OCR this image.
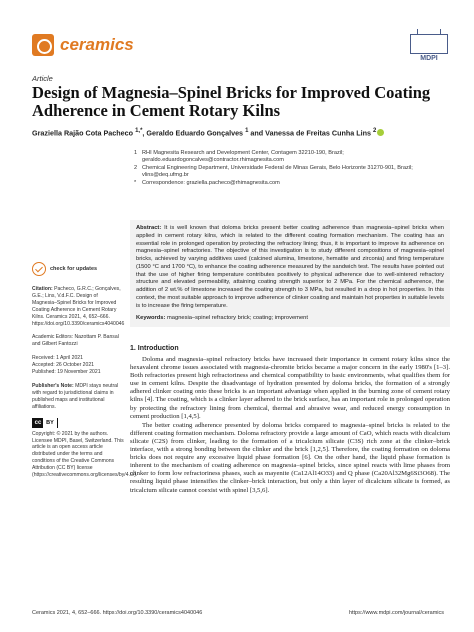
ceramics
MDPI
Article
Design of Magnesia–Spinel Bricks for Improved Coating Adherence in Cement Rotary Kilns
Graziella Rajão Cota Pacheco $^{1,*}$, Geraldo Eduardo Gonçalves $^1$ and Vanessa de Freitas Cunha Lins $^2$
1 RHI Magnesita Research and Development Center, Contagem 32210-190, Brazil; geraldo.eduardogoncalves@contractor.rhimagnesita.com
2 Chemical Engineering Department, Universidade Federal de Minas Gerais, Belo Horizonte 31270-901, Brazil; vlins@deq.ufmg.br
*	Correspondence: graziella.pacheco@rhimagnesita.com

Abstract: It is well known that doloma bricks present better coating adherence than magnesia–spinel bricks when applied in cement rotary kilns, which is related to the different coating formation mechanism. The coating has an essential role in prolonged operation by protecting the refractory lining; thus, it is important to improve its adherence on magnesia–spinel refractories. The objective of this investigation is to study different compositions of magnesia–spinel bricks, achieved by varying additives used (calcined alumina, limestone, hematite and zirconia) and firing temperature (1500 °C and 1700 °C), to enhance the coating adherence measured by the sandwich test. The results have pointed out that the use of higher firing temperature contributes positively to physical adherence due to well-sintered refractory structure and elevated permeability, attaining coating strength superior to 2 MPa. For the chemical adherence, the addition of 2 wt.% of limestone increased the coating strength to 3 MPa, but resulted in a drop in hot properties. In this context, the most suitable approach to improve adherence of clinker coating and maintain hot properties in suitable levels is to increase the firing temperature.

Keywords: magnesia–spinel refractory brick; coating; improvement

check for updates
Citation: Pacheco, G.R.C.; Gonçalves, G.E.; Lins, V.d.F.C. Design of Magnesia–Spinel Bricks for Improved Coating Adherence in Cement Rotary Kilns. Ceramics 2021, 4, 652–666. https://doi.org/10.3390/ceramics4040046
Academic Editors: Nazottam P. Bansal and Gilbert Fantozzi
Received: 1 April 2021
Accepted: 26 October 2021
Published: 19 November 2021
Publisher's Note: MDPI stays neutral with regard to jurisdictional claims in published maps and institutional affiliations.
cc BY
Copyright: © 2021 by the authors. Licensee MDPI, Basel, Switzerland. This article is an open access article distributed under the terms and conditions of the Creative Commons Attribution (CC BY) license (https://creativecommons.org/licenses/by/4.0/).
1. Introduction

Doloma and magnesia–spinel refractory bricks have increased their importance in cement rotary kilns since the hexavalent chrome issues associated with magnesia-chromite bricks became a major concern in the early 1980's [1–3]. Both refractories present high refractoriness and chemical compatibility to basic environments, what qualifies them for use in cement kilns. Despite the disadvantage of hydration presented by doloma bricks, the formation of a strongly adhered clinker coating onto these bricks is an important advantage when applied in the burning zone of cement rotary kilns [4]. The coating, which is a clinker layer adhered to the brick surface, has an important role in prolonged operation by protecting the refractory lining from chemical, thermal and abrasive wear, and reduced energy consumption in cement production [1,4,5].

The better coating adherence presented by doloma bricks compared to magnesia–spinel bricks is related to the different coating formation mechanism. Doloma refractory provide a large amount of CaO, which reacts with dicalcium silicate (C2S) from clinker, leading to the formation of a tricalcium silicate (C3S) rich zone at the clinker–brick interface, with a strong bonding between the clinker and the brick [1,2,5]. Therefore, the coating formation on doloma bricks does not require any excessive liquid phase formation [6]. On the other hand, the liquid phase formation is inherent to the mechanism of coating adherence on magnesia–spinel bricks, since spinel reacts with lime phases from clinker to form low refractoriness phases, such as mayenite (Ca12Al14O33) and Q phase (Ca20Al32Mg6Si3O68). The resulting liquid phase intensifies the clinker–brick interaction, but only a thin layer of dicalcium silicate is formed, as tricalcium silicate cannot coexist with spinel [3,5,6].

Ceramics 2021, 4, 652–666. https://doi.org/10.3390/ceramics4040046	https://www.mdpi.com/journal/ceramics
